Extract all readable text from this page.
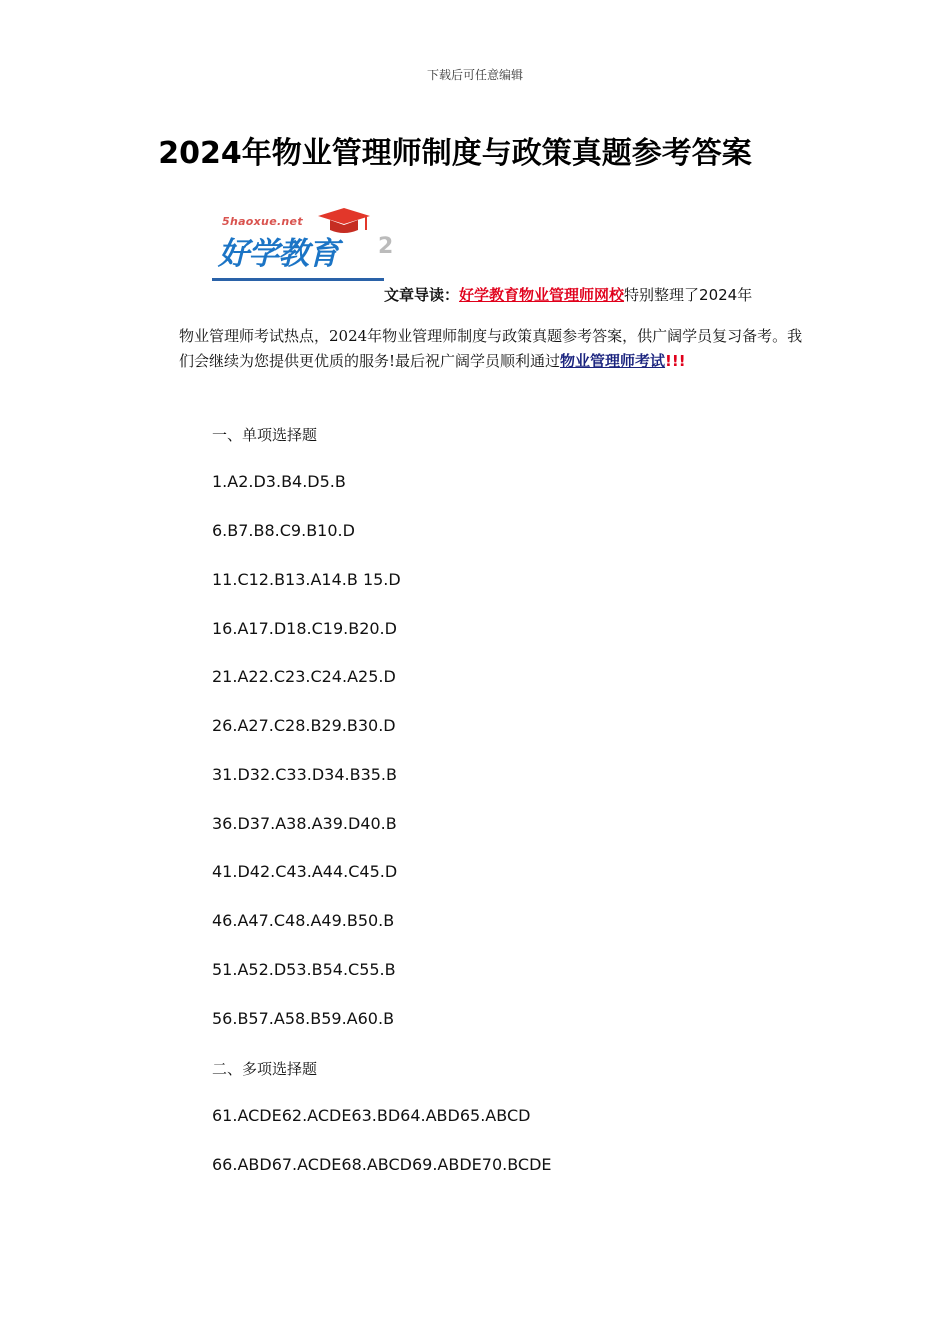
下载后可任意编辑
2024年物业管理师制度与政策真题参考答案
5haoxue.net
好学教育 2
文章导读：好学教育物业管理师网校特别整理了2024年
物业管理师考试热点，2024年物业管理师制度与政策真题参考答案，供广阔学员复习备考。我们会继续为您提供更优质的服务!最后祝广阔学员顺利通过物业管理师考试!!!
一、单项选择题
1.A2.D3.B4.D5.B
6.B7.B8.C9.B10.D
11.C12.B13.A14.B 15.D
16.A17.D18.C19.B20.D
21.A22.C23.C24.A25.D
26.A27.C28.B29.B30.D
31.D32.C33.D34.B35.B
36.D37.A38.A39.D40.B
41.D42.C43.A44.C45.D
46.A47.C48.A49.B50.B
51.A52.D53.B54.C55.B
56.B57.A58.B59.A60.B
二、多项选择题
61.ACDE62.ACDE63.BD64.ABD65.ABCD
66.ABD67.ACDE68.ABCD69.ABDE70.BCDE
